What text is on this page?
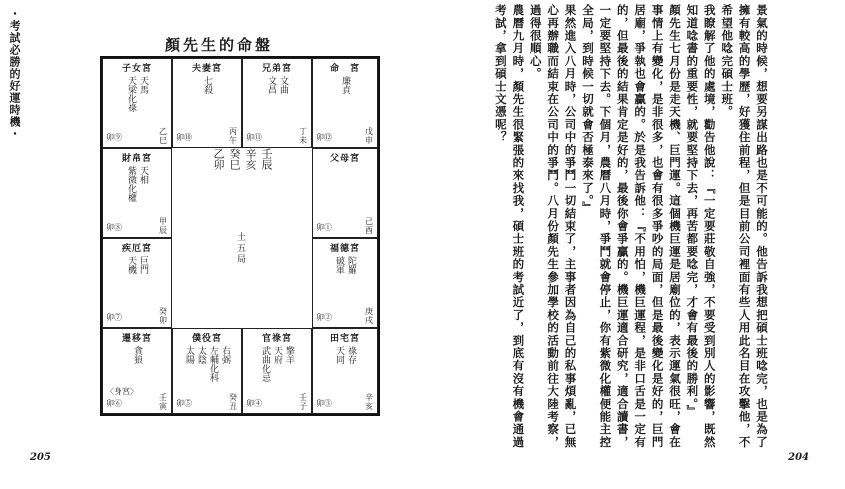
・考試必勝的好運時機・	顏先生的命盤
乙卯 癸巳 辛亥 壬辰
土五局
子女宮
天馬
天梁化祿
卯⑨
乙巳
夫妻宮
七殺
卯⑩
丙午
兄弟宮
文曲
文昌
卯⑪
丁未
命　宮
廉貞
卯⑫
戊申
父母宮
卯①
己酉
福德宮
陀羅
破軍
卯②
庚戌
田宅宮
祿存
天同
卯③
辛亥
官祿宮
擎羊
天府
武曲化忌
卯④
壬子
僕役宮
右弼
左輔化科
太陰
太陽
卯⑤
癸丑
遷移宮
貪狼
〈身宮〉
卯⑥
壬寅
疾厄宮
巨門
天機
卯⑦
癸卯
財帛宮
天相
紫微化權
卯⑧
甲辰
205

景氣的時候，想要另謀出路也是不可能的。他告訴我想把碩士班唸完，也是為了擁有較高的學歷，好獲住前程，但是目前公司裡面有些人用此名目在攻擊他，不希望他唸完碩士班。

我瞭解了他的處境，勸告他說：『一定要莊敬自強，不要受到別人的影響，既然知道唸書的重要性，就要堅持下去，再苦都要唸完，才會有最後的勝利。』

顏先生七月份是走天機、巨門運。這個機巨運是居廟位的，表示運氣很旺，會在事情上有變化，是非很多，也會有很多爭吵的局面，但是最後變化是好的，巨門居廟，爭執也會贏的。於是我告訴他：『不用怕，機巨運程，是非口舌是一定有的，但最後的結果肯定是好的，最後你會爭贏的。機巨運適合研究，適合讀書，一定要堅持下去。下個月，農曆八月時，爭鬥就會停止，你有紫微化權便能主控全局，到時候一切就會否極泰來了。』

果然進入八月時，公司中的爭鬥一切結束了，主事者因為自己的私事煩亂，已無心再辦職而結束在公司中的爭鬥。八月份顏先生參加學校的活動前往大陸考察，過得很順心。

農曆九月時，顏先生很緊張的來找我，碩士班的考試近了，到底有沒有機會通過考試，拿到碩士文憑呢？

204
